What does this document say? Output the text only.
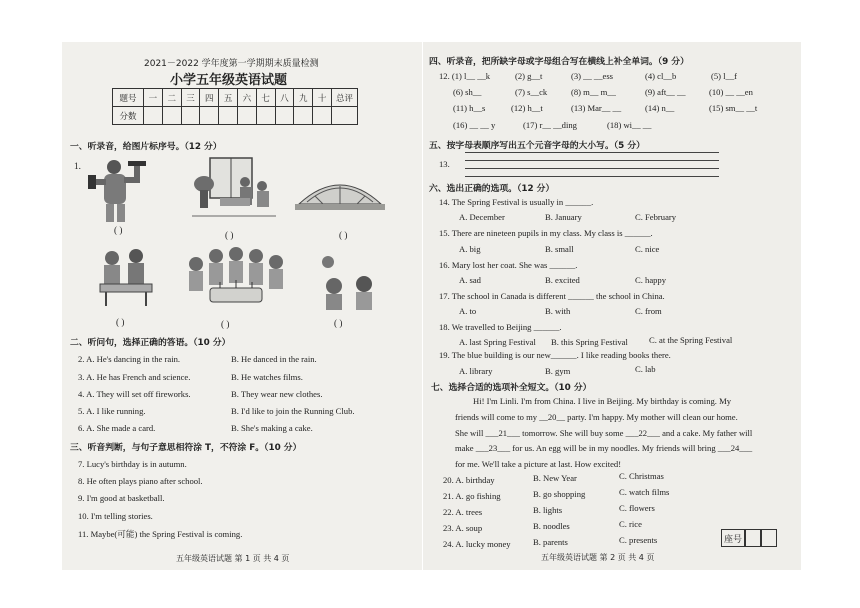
2021－2022 学年度第一学期期末质量检测
小学五年级英语试题
题号	一	二	三	四	五	六	七	八	九	十	总评
分数											
一、听录音，给图片标序号。（12 分）
1.
( )	( )	( )
( )	( )	( )
二、听问句，选择正确的答语。（10 分）
2. A. He's dancing in the rain.	B. He danced in the rain.
3. A. He has French and science.	B. He watches films.
4. A. They will set off fireworks.	B. They wear new clothes.
5. A. I like running.	B. I'd like to join the Running Club.
6. A. She made a card.	B. She's making a cake.
三、听音判断，与句子意思相符涂 T，不符涂 F。（10 分）
7. Lucy's birthday is in autumn.
8. He often plays piano after school.
9. I'm good at basketball.
10. I'm telling stories.
11. Maybe(可能) the Spring Festival is coming.
五年级英语试题 第 1 页 共 4 页
四、听录音，把所缺字母或字母组合写在横线上补全单词。（9 分）
12. (1) l__ __k	(2) g__t	(3) __ __ess	(4) cl__b	(5) l__f
(6) sh__	(7) s__ck	(8) m__ m__	(9) aft__ __	(10) __ __en
(11) h__s	(12) h__t	(13) Mar__ __	(14) n__	(15) sm__ __t
(16) __ __ y	(17) r__ __ding	(18) wi__ __
五、按字母表顺序写出五个元音字母的大小写。（5 分）
13.
六、选出正确的选项。（12 分）
14. The Spring Festival is usually in ______.
A. December	B. January	C. February
15. There are nineteen pupils in my class. My class is ______.
A. big	B. small	C. nice
16. Mary lost her coat. She was ______.
A. sad	B. excited	C. happy
17. The school in Canada is different ______ the school in China.
A. to	B. with	C. from
18. We travelled to Beijing ______.
A. last Spring Festival B. this Spring Festival C. at the Spring Festival
19. The blue building is our new______. I like reading books there.
A. library	B. gym	C. lab
七、选择合适的选项补全短文。（10 分）
Hi! I'm Linli. I'm from China. I live in Beijing. My birthday is coming. My
friends will come to my __20__ party. I'm happy. My mother will clean our home.
She will ___21___ tomorrow. She will buy some ___22___ and a cake. My father will
make ___23___ for us. An egg will be in my noodles. My friends will bring ___24___
for me. We'll take a picture at last. How excited!
20. A. birthday	B. New Year	C. Christmas
21. A. go fishing	B. go shopping	C. watch films
22. A. trees	B. lights	C. flowers
23. A. soup	B. noodles	C. rice
24. A. lucky money	B. parents	C. presents	座号		
五年级英语试题 第 2 页 共 4 页
